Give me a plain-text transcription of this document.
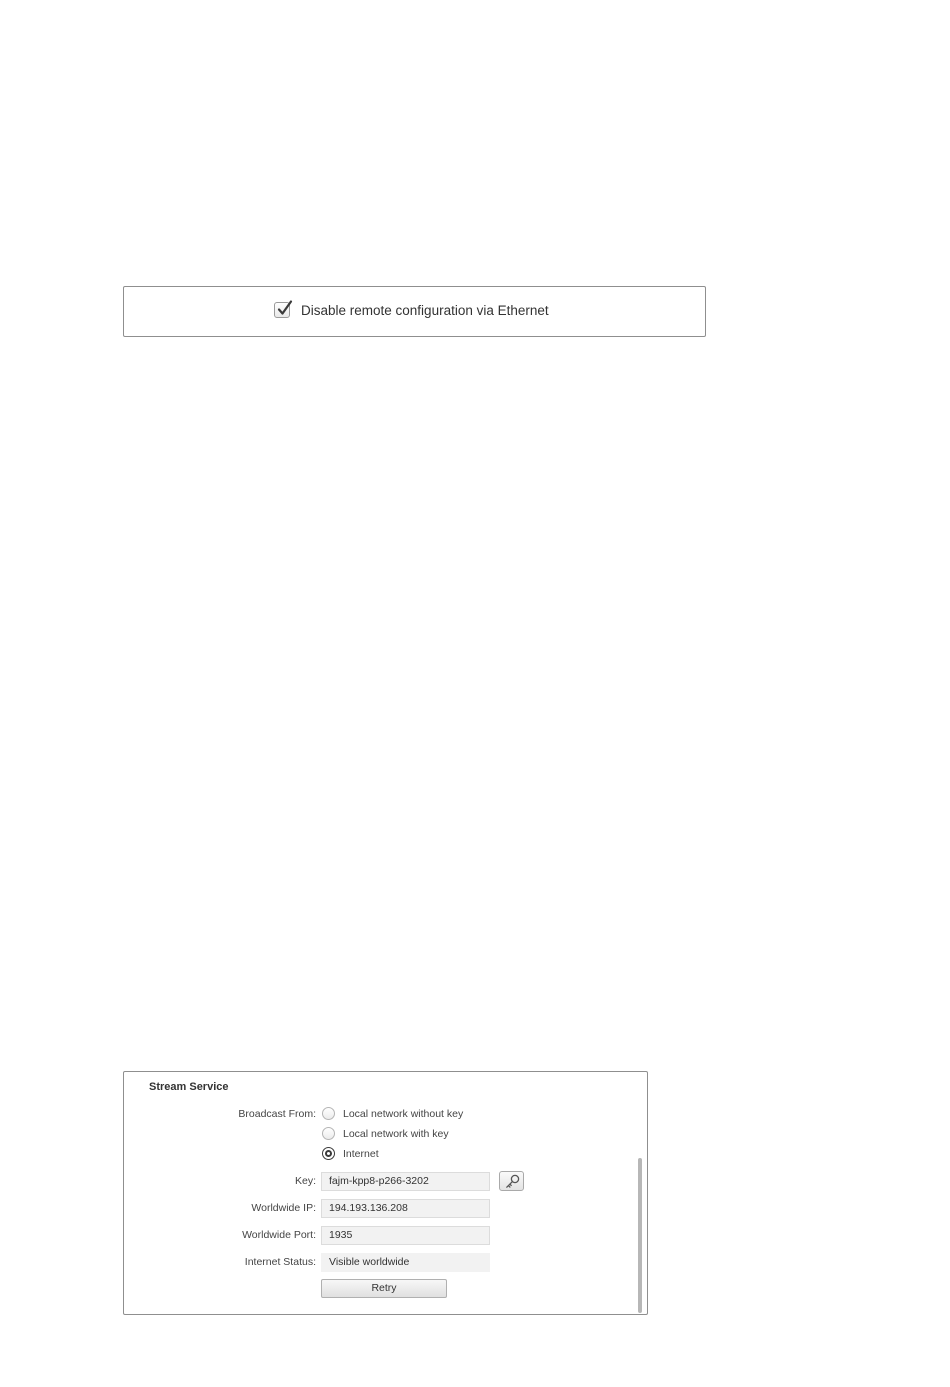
Disable remote configuration via Ethernet
Stream Service
Broadcast From:	Local network without key
Local network with key
Internet
Key:	fajm-kpp8-p266-3202
Worldwide IP:	194.193.136.208
Worldwide Port:	1935
Internet Status:	Visible worldwide
Retry
